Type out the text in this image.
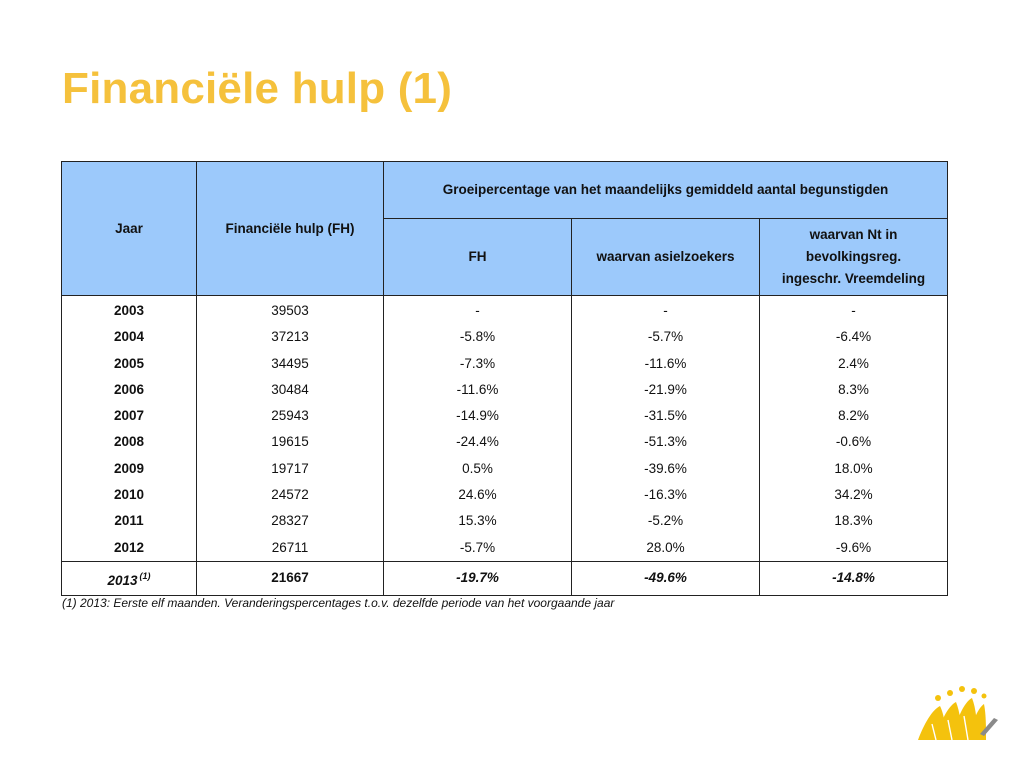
Financiële hulp (1)
Jaar	Financiële hulp (FH)	Groeipercentage van het maandelijks gemiddeld aantal begunstigden		
		FH	waarvan asielzoekers	waarvan Nt in bevolkingsreg.
ingeschr. Vreemdeling
2003	39503	-	-	-
2004	37213	-5.8%	-5.7%	-6.4%
2005	34495	-7.3%	-11.6%	2.4%
2006	30484	-11.6%	-21.9%	8.3%
2007	25943	-14.9%	-31.5%	8.2%
2008	19615	-24.4%	-51.3%	-0.6%
2009	19717	0.5%	-39.6%	18.0%
2010	24572	24.6%	-16.3%	34.2%
2011	28327	15.3%	-5.2%	18.3%
2012	26711	-5.7%	28.0%	-9.6%
2013 $^{(1)}$	21667	-19.7%	-49.6%	-14.8%
(1) 2013: Eerste elf maanden. Veranderingspercentages t.o.v. dezelfde periode van het voorgaande jaar
